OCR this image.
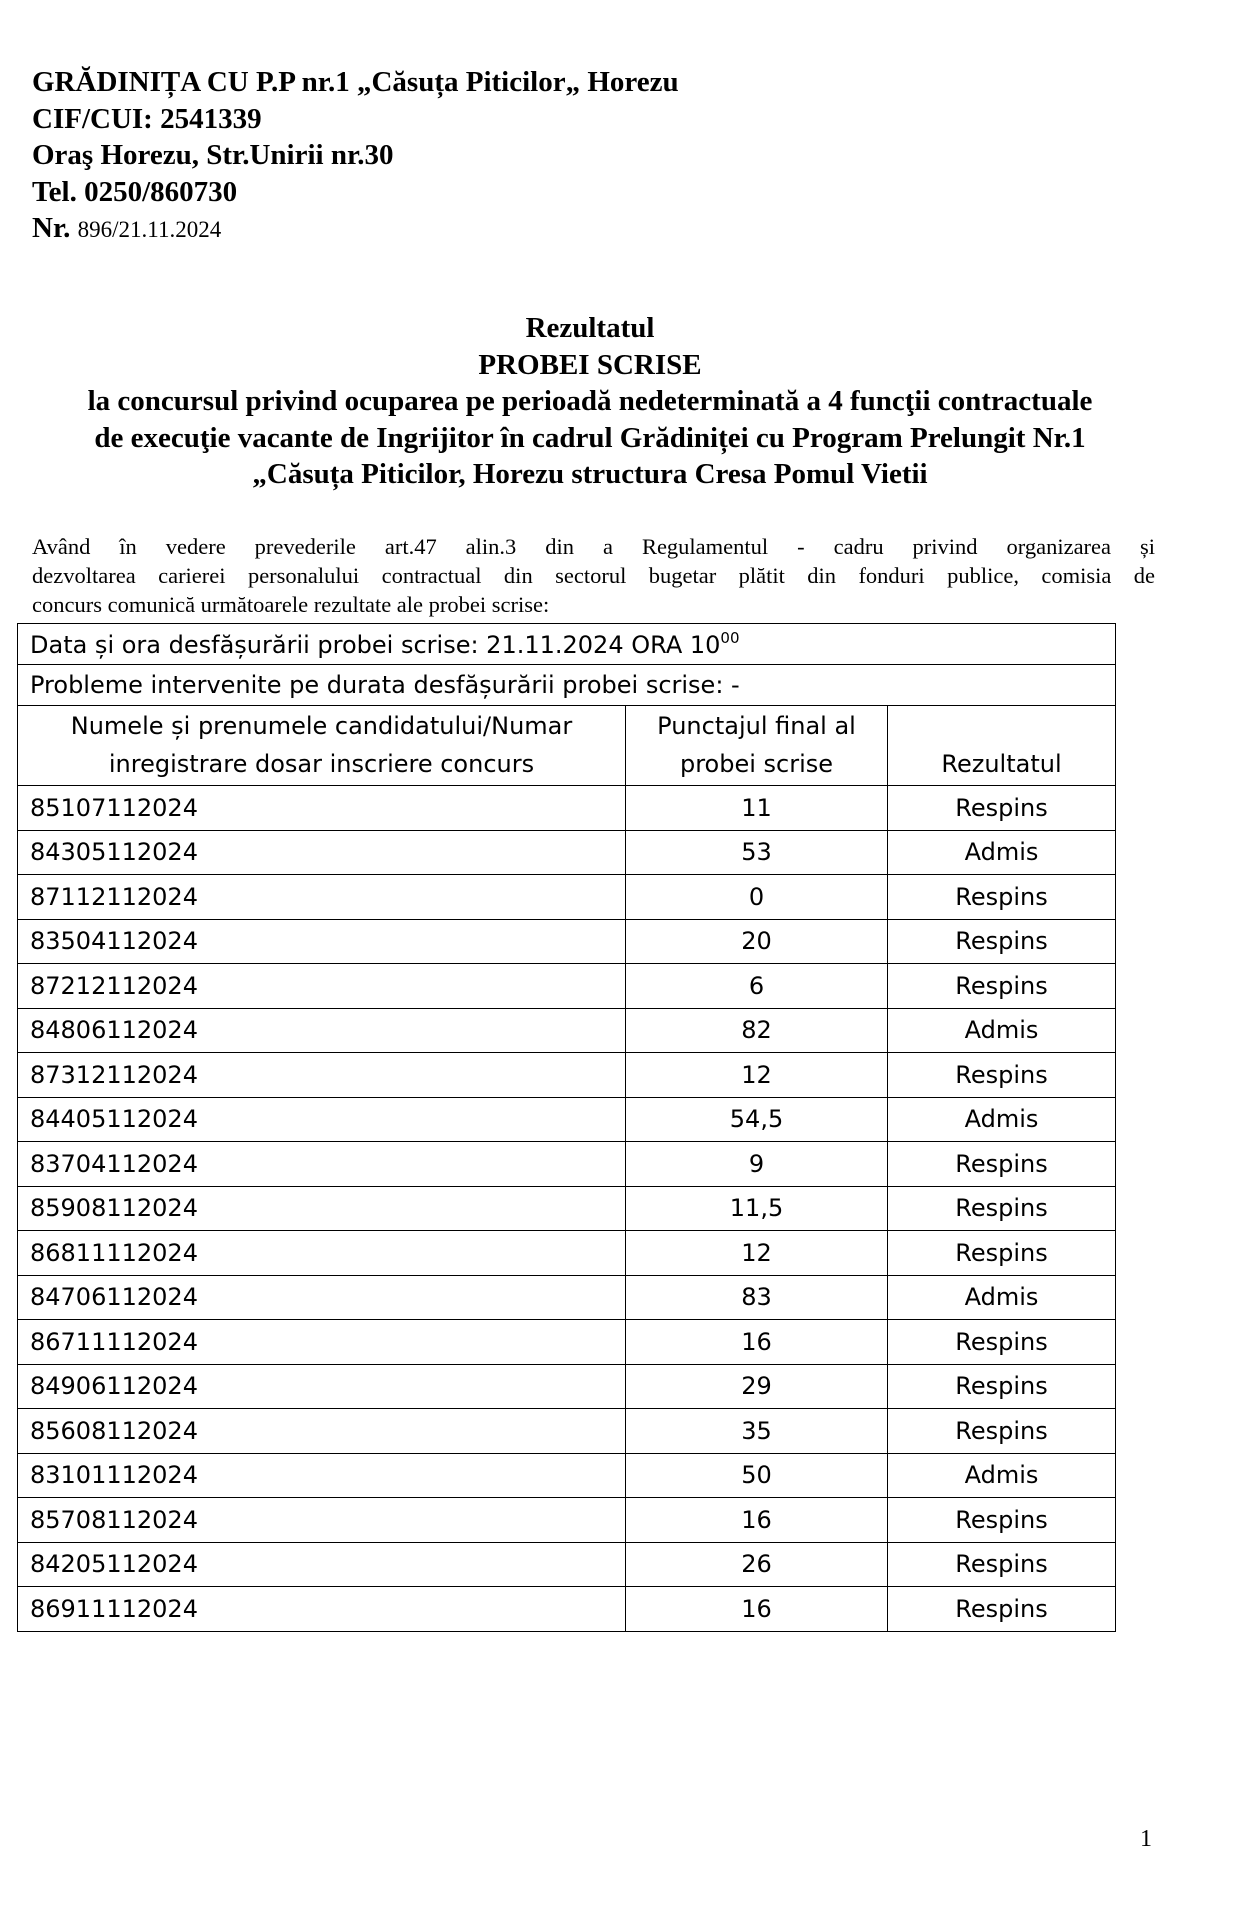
GRĂDINIȚA CU P.P nr.1 „Căsuța Piticilor„ Horezu
CIF/CUI: 2541339
Oraş Horezu, Str.Unirii nr.30
Tel. 0250/860730
Nr. 896/21.11.2024
Rezultatul
PROBEI SCRISE
la concursul privind ocuparea pe perioadă nedeterminată a 4 funcţii contractuale
de execuţie vacante de Ingrijitor în cadrul Grădiniței cu Program Prelungit Nr.1
„Căsuța Piticilor, Horezu structura Cresa Pomul Vietii
Având în vedere prevederile art.47 alin.3 din a Regulamentul - cadru privind organizarea și
dezvoltarea carierei personalului contractual din sectorul bugetar plătit din fonduri publice, comisia de
concurs comunică următoarele rezultate ale probei scrise:
Data și ora desfășurării probei scrise: 21.11.2024 ORA $10^{00}$
Probleme intervenite pe durata desfășurării probei scrise: -		
Numele și prenumele candidatului/Numar inregistrare dosar inscriere concurs	Punctajul final al probei scrise	Rezultatul
85107112024	11	Respins
84305112024	53	Admis
87112112024	0	Respins
83504112024	20	Respins
87212112024	6	Respins
84806112024	82	Admis
87312112024	12	Respins
84405112024	54,5	Admis
83704112024	9	Respins
85908112024	11,5	Respins
86811112024	12	Respins
84706112024	83	Admis
86711112024	16	Respins
84906112024	29	Respins
85608112024	35	Respins
83101112024	50	Admis
85708112024	16	Respins
84205112024	26	Respins
86911112024	16	Respins
1
